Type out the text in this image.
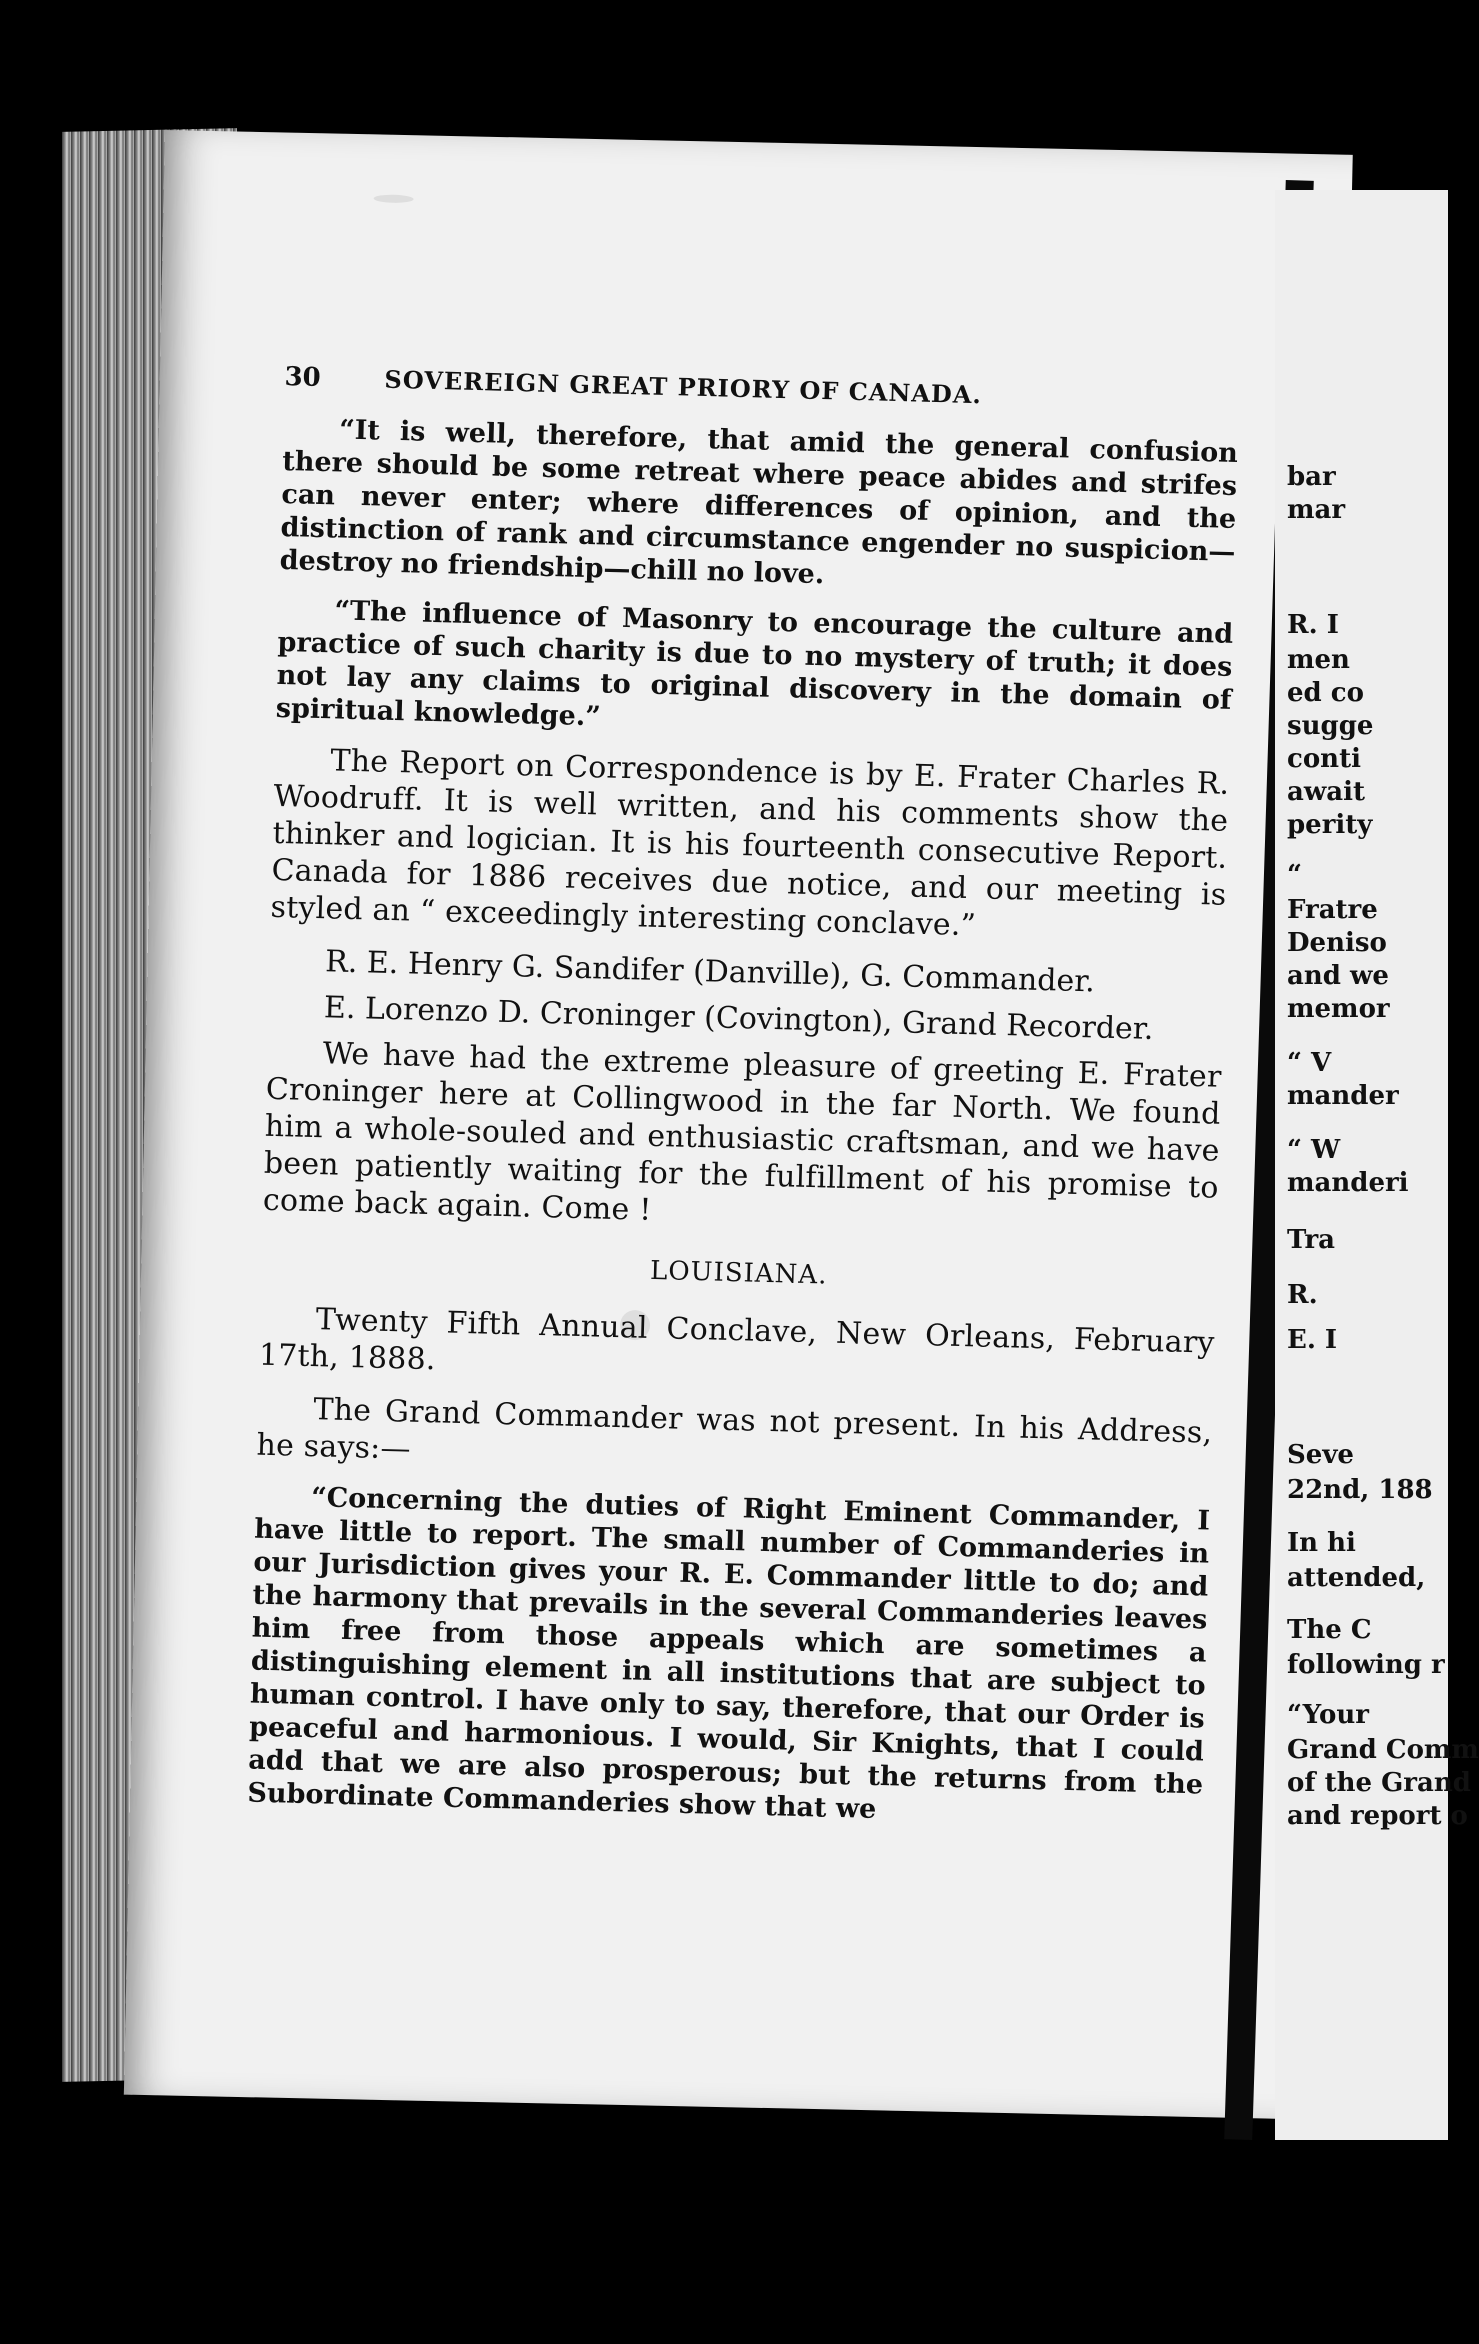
bar
mar
R. I
men
ed co
sugge
conti
await
perity
“
Fratre
Deniso
and we
memor
“ V
mander
“ W
manderi
Tra
R.
E. I
Seve
22nd, 188
In hi
attended,
The C
following r
“Your
Grand Comm
of the Grand
and report o
30	SOVEREIGN GREAT PRIORY OF CANADA.

“It is well, therefore, that amid the general confusion there should be some retreat where peace abides and strifes can never enter; where differences of opinion, and the distinction of rank and circumstance engender no suspicion—destroy no friendship—chill no love.

“The influence of Masonry to encourage the culture and practice of such charity is due to no mystery of truth; it does not lay any claims to original discovery in the domain of spiritual knowledge.”

The Report on Correspondence is by E. Frater Charles R. Woodruff. It is well written, and his comments show the thinker and logician. It is his fourteenth consecutive Report. Canada for 1886 receives due notice, and our meeting is styled an “ exceedingly interesting conclave.”

R. E. Henry G. Sandifer (Danville), G. Commander.
E. Lorenzo D. Croninger (Covington), Grand Recorder.

We have had the extreme pleasure of greeting E. Frater Croninger here at Collingwood in the far North. We found him a whole-souled and enthusiastic craftsman, and we have been patiently waiting for the fulfillment of his promise to come back again. Come !

LOUISIANA.

Twenty Fifth Annual Conclave, New Orleans, February 17th, 1888.

The Grand Commander was not present. In his Address, he says:—

“Concerning the duties of Right Eminent Commander, I have little to report. The small number of Commanderies in our Jurisdiction gives your R. E. Commander little to do; and the harmony that prevails in the several Commanderies leaves him free from those appeals which are sometimes a distinguishing element in all institutions that are subject to human control. I have only to say, therefore, that our Order is peaceful and harmonious. I would, Sir Knights, that I could add that we are also prosperous; but the returns from the Subordinate Commanderies show that we
